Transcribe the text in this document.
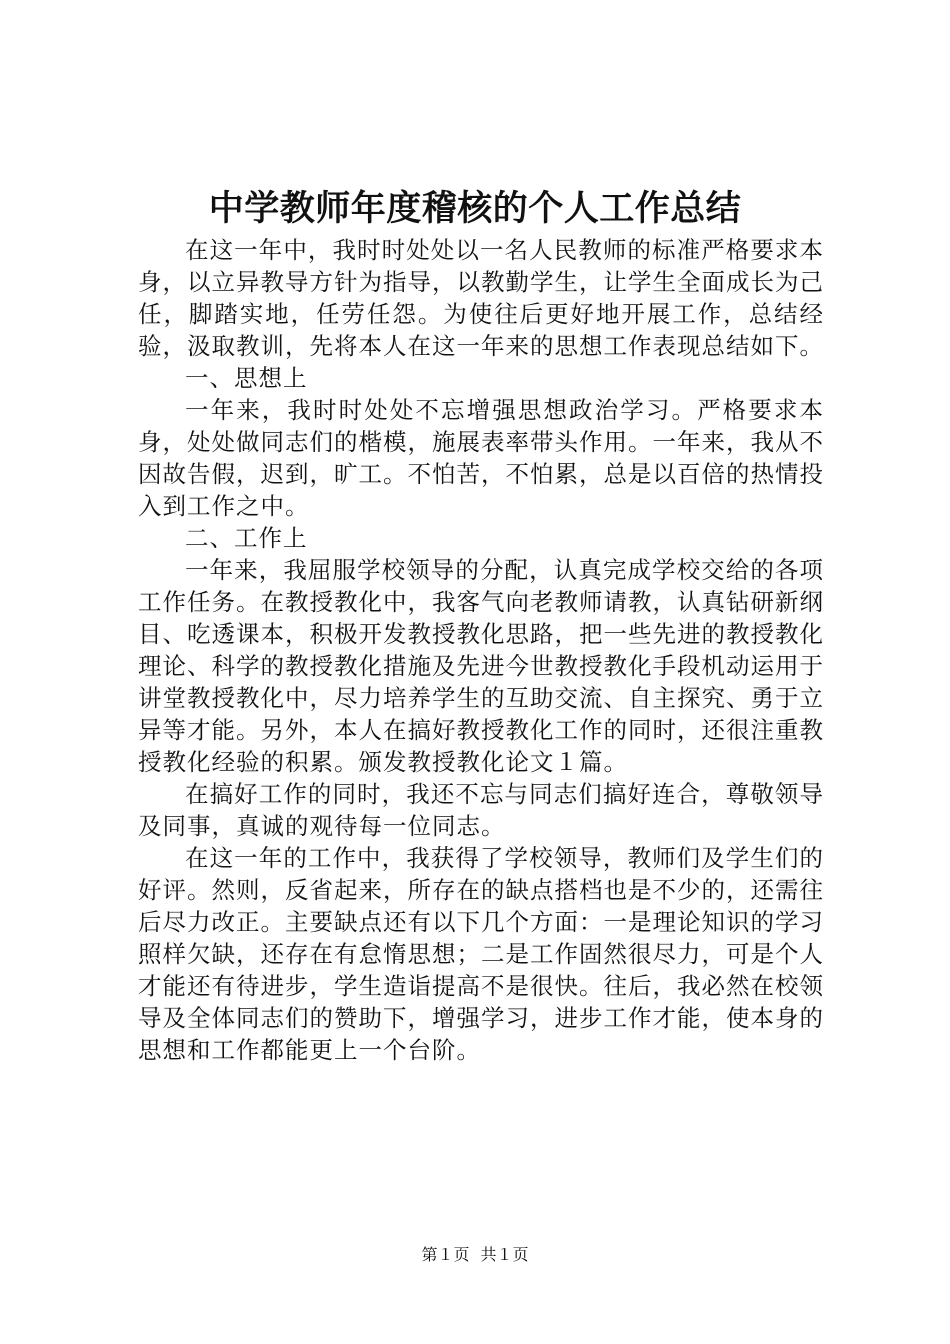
中学教师年度稽核的个人工作总结

在这一年中，我时时处处以一名人民教师的标准严格要求本身，以立异教导方针为指导，以教勤学生，让学生全面成长为己任，脚踏实地，任劳任怨。为使往后更好地开展工作，总结经验，汲取教训，先将本人在这一年来的思想工作表现总结如下。

一、思想上

一年来，我时时处处不忘增强思想政治学习。严格要求本身，处处做同志们的楷模，施展表率带头作用。一年来，我从不因故告假，迟到，旷工。不怕苦，不怕累，总是以百倍的热情投入到工作之中。

二、工作上

一年来，我屈服学校领导的分配，认真完成学校交给的各项工作任务。在教授教化中，我客气向老教师请教，认真钻研新纲目、吃透课本，积极开发教授教化思路，把一些先进的教授教化理论、科学的教授教化措施及先进今世教授教化手段机动运用于讲堂教授教化中，尽力培养学生的互助交流、自主探究、勇于立异等才能。另外，本人在搞好教授教化工作的同时，还很注重教授教化经验的积累。颁发教授教化论文１篇。

在搞好工作的同时，我还不忘与同志们搞好连合，尊敬领导及同事，真诚的观待每一位同志。

在这一年的工作中，我获得了学校领导，教师们及学生们的好评。然则，反省起来，所存在的缺点搭档也是不少的，还需往后尽力改正。主要缺点还有以下几个方面：一是理论知识的学习照样欠缺，还存在有怠惰思想；二是工作固然很尽力，可是个人才能还有待进步，学生造诣提高不是很快。往后，我必然在校领导及全体同志们的赞助下，增强学习，进步工作才能，使本身的思想和工作都能更上一个台阶。

第１页 共１页
